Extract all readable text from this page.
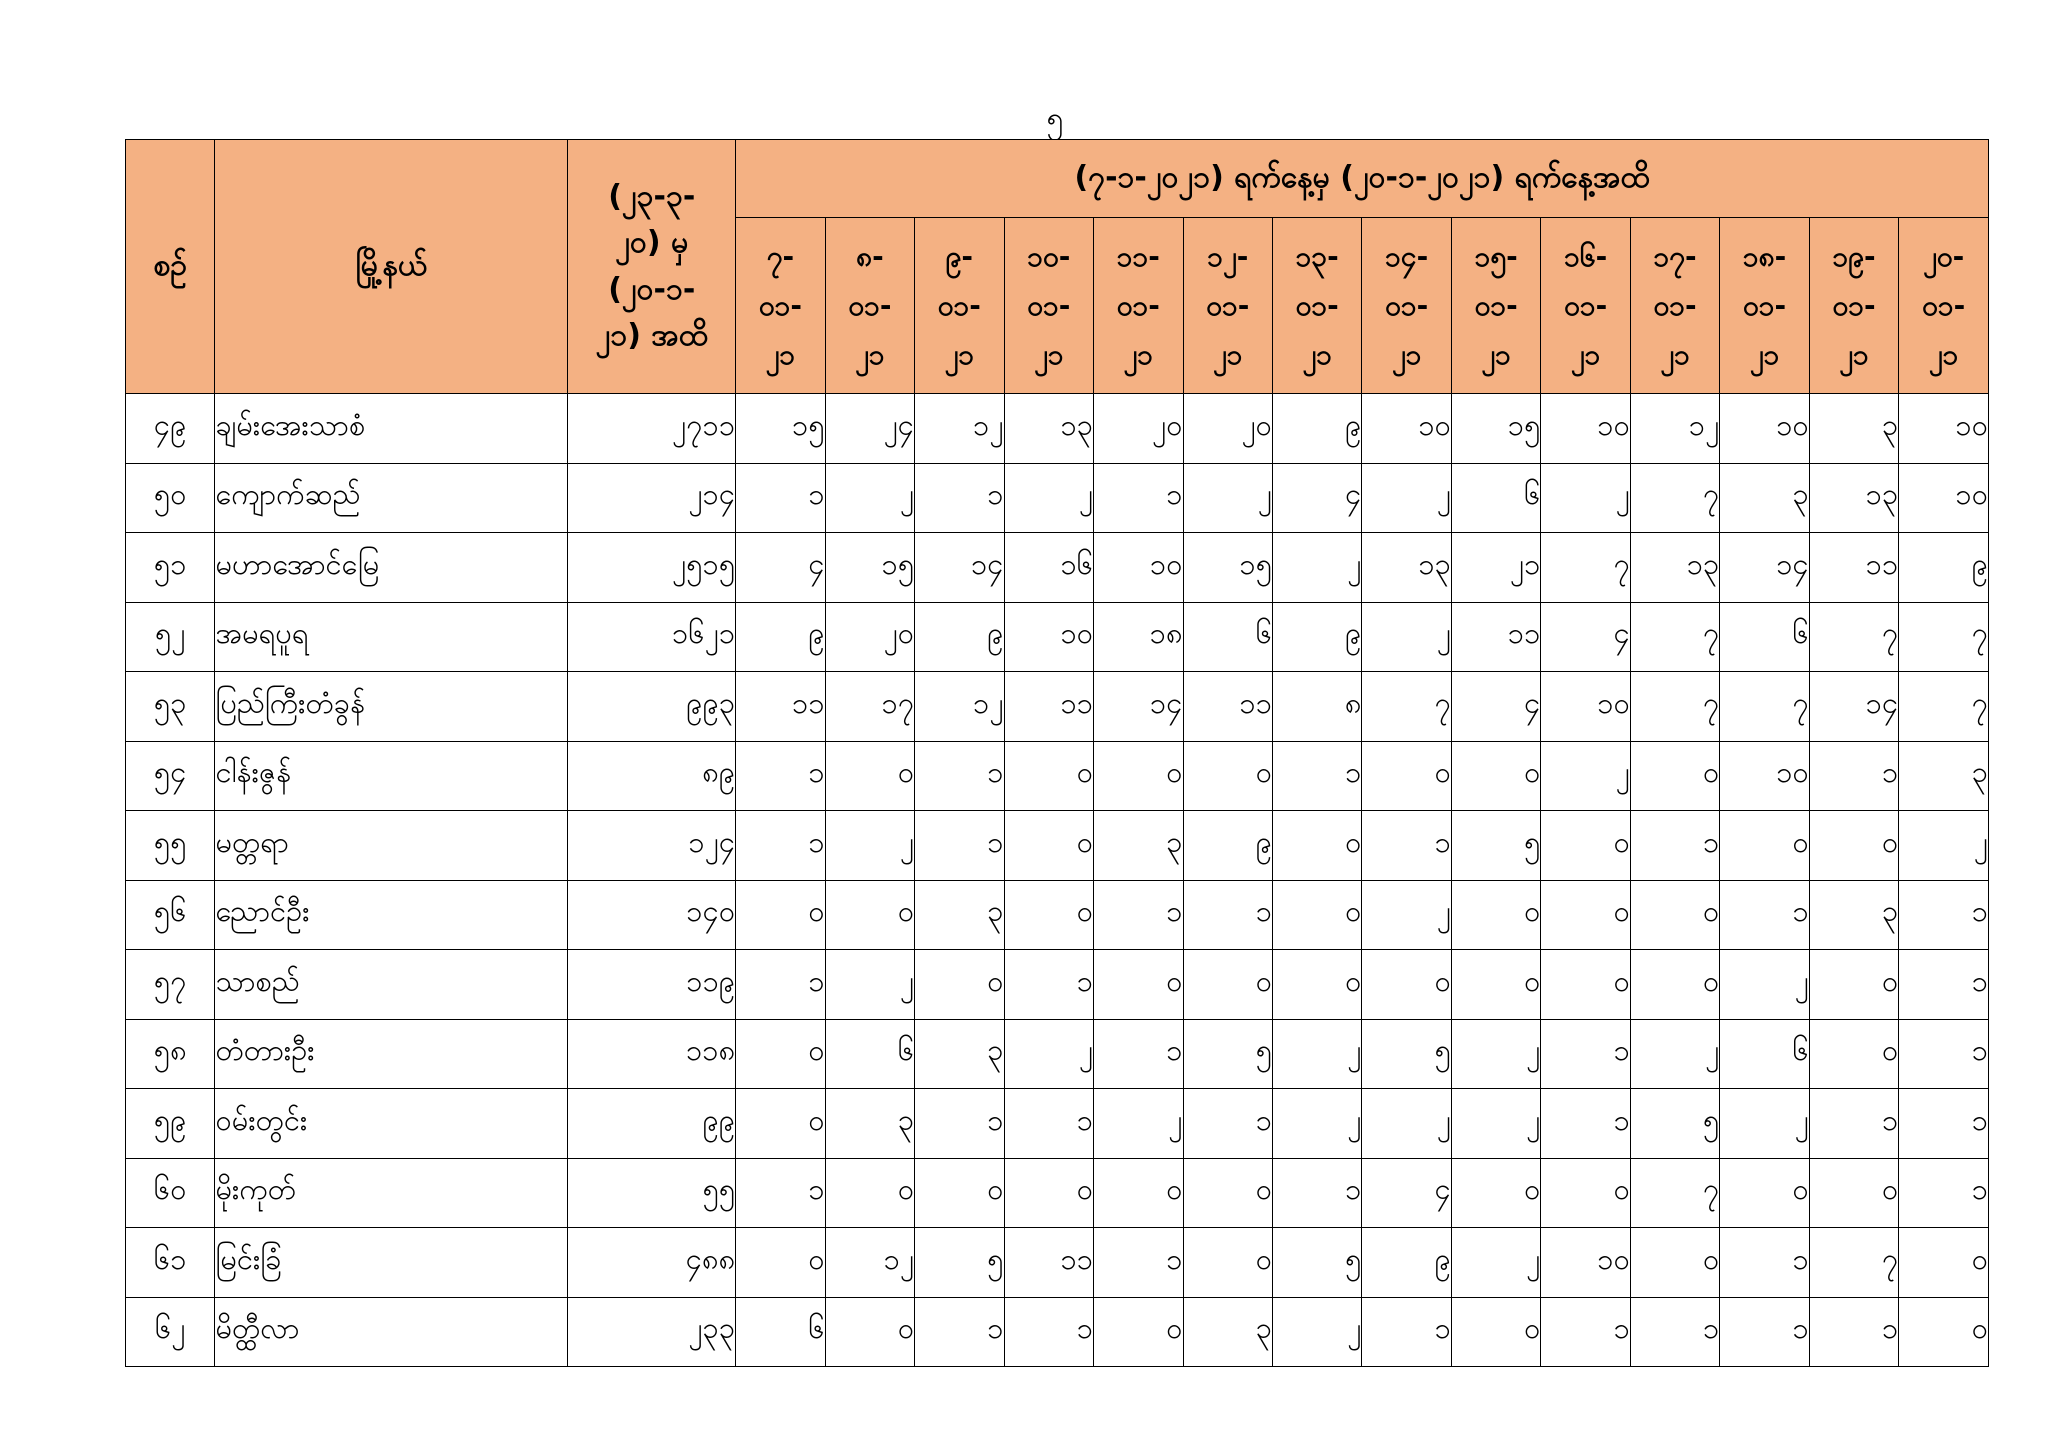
၅
စဉ်	မြို့နယ်	(၂၃-၃-
၂၀) မှ
(၂၀-၁-
၂၁) အထိ	(၇-၁-၂၀၂၁) ရက်နေ့မှ (၂၀-၁-၂၀၂၁) ရက်နေ့အထိ													

			၇-
၀၁-
၂၁	၈-
၀၁-
၂၁	၉-
၀၁-
၂၁	၁၀-
၀၁-
၂၁	၁၁-
၀၁-
၂၁	၁၂-
၀၁-
၂၁	၁၃-
၀၁-
၂၁	၁၄-
၀၁-
၂၁	၁၅-
၀၁-
၂၁	၁၆-
၀၁-
၂၁	၁၇-
၀၁-
၂၁	၁၈-
၀၁-
၂၁	၁၉-
၀၁-
၂၁	၂၀-
၀၁-
၂၁

၄၉	ချမ်းအေးသာစံ	၂၇၁၁	၁၅	၂၄	၁၂	၁၃	၂၀	၂၀	၉	၁၀	၁၅	၁၀	၁၂	၁၀	၃	၁၀
၅၀	ကျောက်ဆည်	၂၁၄	၁	၂	၁	၂	၁	၂	၄	၂	၆	၂	၇	၃	၁၃	၁၀
၅၁	မဟာအောင်မြေ	၂၅၁၅	၄	၁၅	၁၄	၁၆	၁၀	၁၅	၂	၁၃	၂၁	၇	၁၃	၁၄	၁၁	၉
၅၂	အမရပူရ	၁၆၂၁	၉	၂၀	၉	၁၀	၁၈	၆	၉	၂	၁၁	၄	၇	၆	၇	၇
၅၃	ပြည်ကြီးတံခွန်	၉၉၃	၁၁	၁၇	၁၂	၁၁	၁၄	၁၁	၈	၇	၄	၁၀	၇	၇	၁၄	၇
၅၄	ငါန်းဇွန်	၈၉	၁	၀	၁	၀	၀	၀	၁	၀	၀	၂	၀	၁၀	၁	၃
၅၅	မတ္တရာ	၁၂၄	၁	၂	၁	၀	၃	၉	၀	၁	၅	၀	၁	၀	၀	၂
၅၆	ညောင်ဦး	၁၄၀	၀	၀	၃	၀	၁	၁	၀	၂	၀	၀	၀	၁	၃	၁
၅၇	သာစည်	၁၁၉	၁	၂	၀	၁	၀	၀	၀	၀	၀	၀	၀	၂	၀	၁
၅၈	တံတားဦး	၁၁၈	၀	၆	၃	၂	၁	၅	၂	၅	၂	၁	၂	၆	၀	၁
၅၉	ဝမ်းတွင်း	၉၉	၀	၃	၁	၁	၂	၁	၂	၂	၂	၁	၅	၂	၁	၁
၆၀	မိုးကုတ်	၅၅	၁	၀	၀	၀	၀	၀	၁	၄	၀	၀	၇	၀	၀	၁
၆၁	မြင်းခြံ	၄၈၈	၀	၁၂	၅	၁၁	၁	၀	၅	၉	၂	၁၀	၀	၁	၇	၀
၆၂	မိတ္ထီလာ	၂၃၃	၆	၀	၁	၁	၀	၃	၂	၁	၀	၁	၁	၁	၁	၀
